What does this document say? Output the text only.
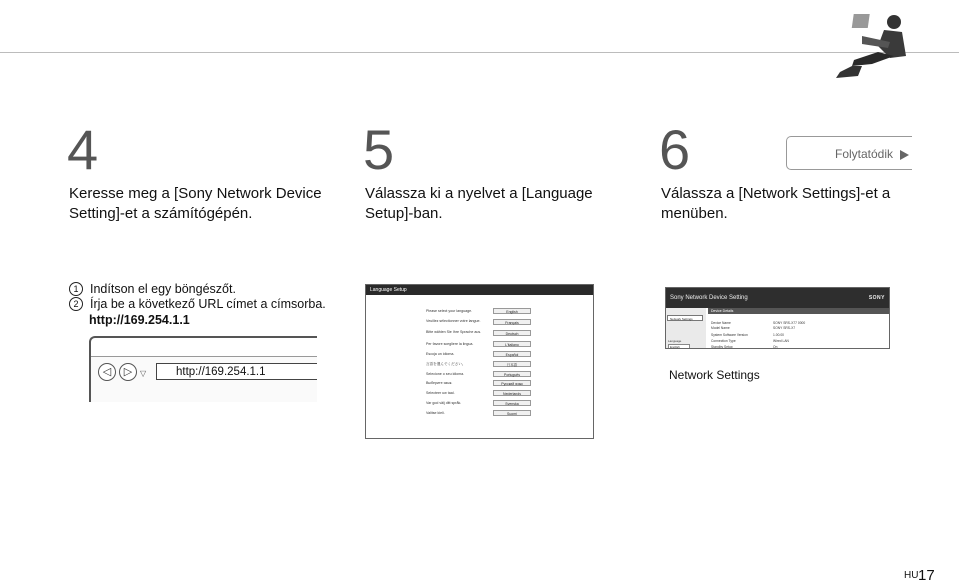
Folytatódik
4
Keresse meg a [Sony Network Device
Setting]-et a számítógépén.
5
Válassza ki a nyelvet a [Language
Setup]-ban.
6
Válassza a [Network Settings]-et a
menüben.
1 Indítson el egy böngészőt.
2 Írja be a következő URL címet a címsorba.
http://169.254.1.1
◁	▷ ▽	http://169.254.1.1
Language Setup
Please select your language.	English
Veuillez sélectionner votre langue.	Français
Bitte wählen Sie Ihre Sprache aus.	Deutsch
Per favore scegliere la lingua.	L'italiano
Escoja un idioma.	Español
言語を選んでください。	日本語
Selecione o seu idioma.	Português
Выберите язык.	Русский язык
Selecteer uw taal.	Nederlands
Var god välj ditt språk.	Svenska
Valitse kieli.	Suomi
Sony Network Device Setting	SONY
Network Settings
Language
English
Device Details
Device Name	SONY SRS-X77 0000
Model Name	SONY SRS-X7
System Software Version	1.00.00
Connection Type	Wired LAN
Standby Setup	On
Network Settings
HU 17
